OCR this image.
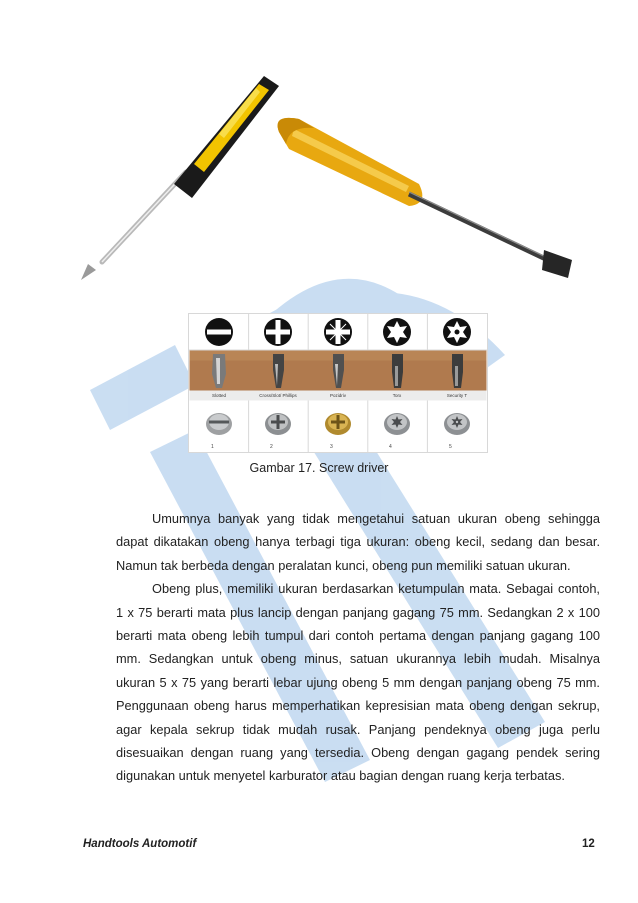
Slotted	Cross/Slot/ Phillips	Pozidriv	Torx	Security T
1	2	3	4	5
Gambar 17. Screw driver

Umumnya banyak yang tidak mengetahui satuan ukuran obeng sehingga dapat dikatakan obeng hanya terbagi tiga ukuran: obeng kecil, sedang dan besar. Namun tak berbeda dengan peralatan kunci, obeng pun memiliki satuan ukuran.

Obeng plus, memiliki ukuran berdasarkan ketumpulan mata. Sebagai contoh, 1 x 75 berarti mata plus lancip dengan panjang gagang 75 mm. Sedangkan 2 x 100 berarti mata obeng lebih tumpul dari contoh pertama dengan panjang gagang 100 mm. Sedangkan untuk obeng minus, satuan ukurannya lebih mudah. Misalnya ukuran 5 x 75 yang berarti lebar ujung obeng 5 mm dengan panjang obeng 75 mm. Penggunaan obeng harus memperhatikan kepresisian mata obeng dengan sekrup, agar kepala sekrup tidak mudah rusak. Panjang pendeknya obeng juga perlu disesuaikan dengan ruang yang tersedia. Obeng dengan gagang pendek sering digunakan untuk menyetel karburator atau bagian dengan ruang kerja terbatas.

Handtools Automotif	12
